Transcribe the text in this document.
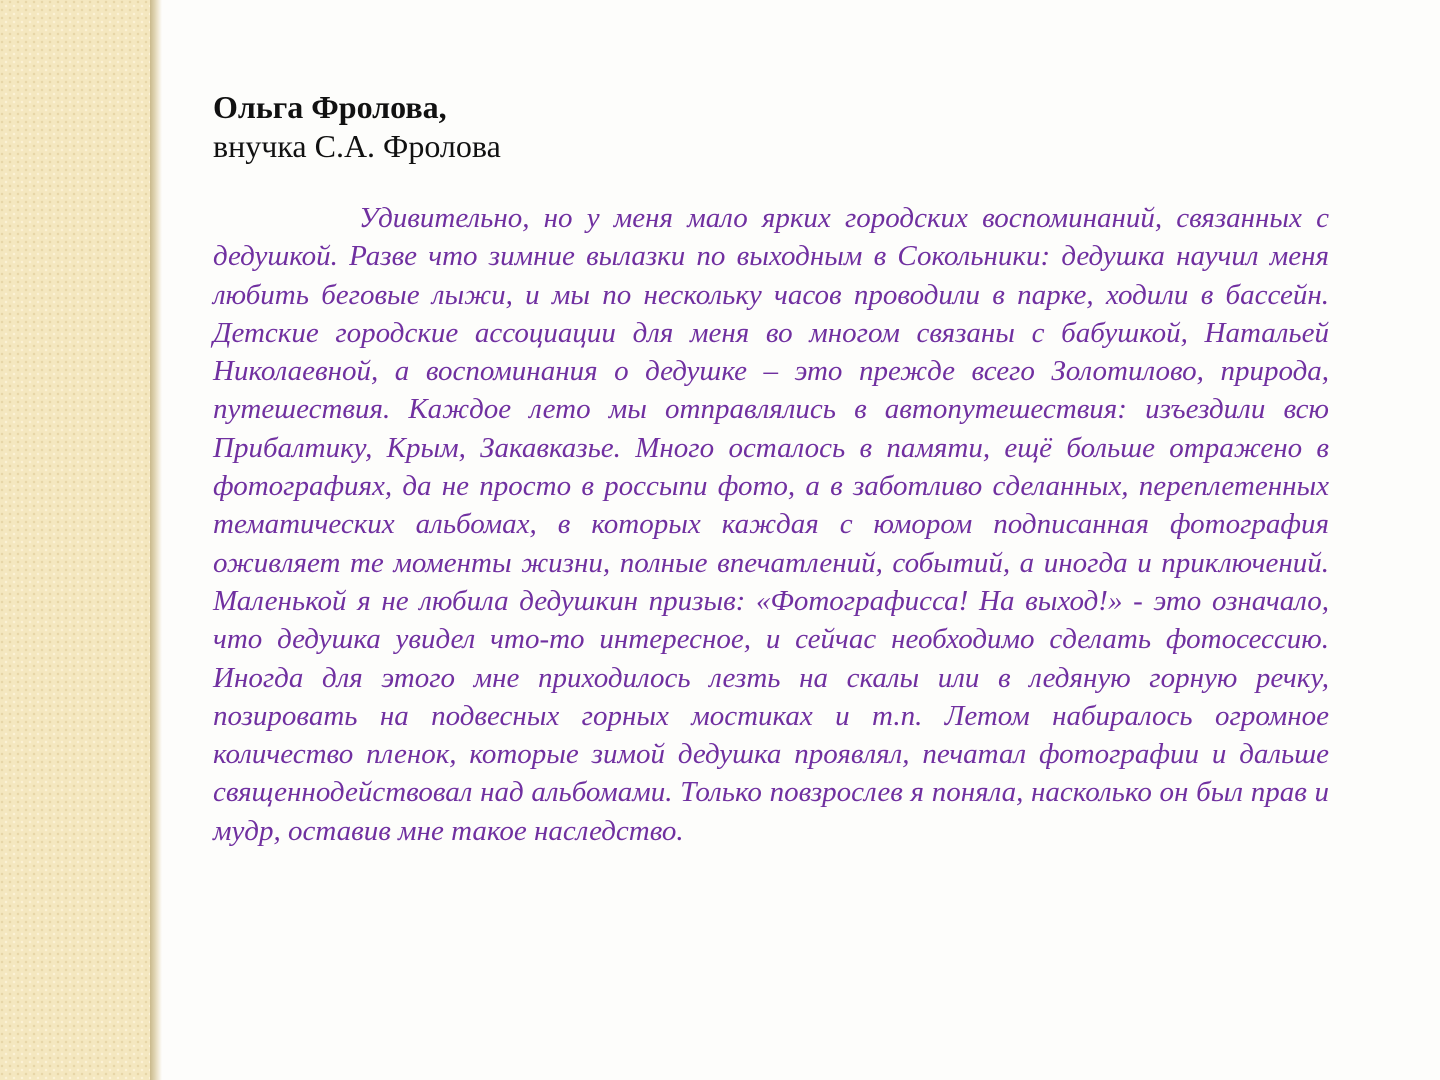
Ольга Фролова,

внучка С.А. Фролова

Удивительно, но у меня мало ярких городских воспоминаний, связанных с дедушкой. Разве что зимние вылазки по выходным в Сокольники: дедушка научил меня любить беговые лыжи, и мы по нескольку часов проводили в парке, ходили в бассейн. Детские городские ассоциации для меня во многом связаны с бабушкой, Натальей Николаевной, а воспоминания о дедушке – это прежде всего Золотилово, природа, путешествия. Каждое лето мы отправлялись в автопутешествия: изъездили всю Прибалтику, Крым, Закавказье. Много осталось в памяти, ещё больше отражено в фотографиях, да не просто в россыпи фото, а в заботливо сделанных, переплетенных тематических альбомах, в которых каждая с юмором подписанная фотография оживляет те моменты жизни, полные впечатлений, событий, а иногда и приключений. Маленькой я не любила дедушкин призыв: «Фотографисса! На выход!» - это означало, что дедушка увидел что-то интересное, и сейчас необходимо сделать фотосессию. Иногда для этого мне приходилось лезть на скалы или в ледяную горную речку, позировать на подвесных горных мостиках и т.п. Летом набиралось огромное количество пленок, которые зимой дедушка проявлял, печатал фотографии и дальше священнодействовал над альбомами. Только повзрослев я поняла, насколько он был прав и мудр, оставив мне такое наследство.
